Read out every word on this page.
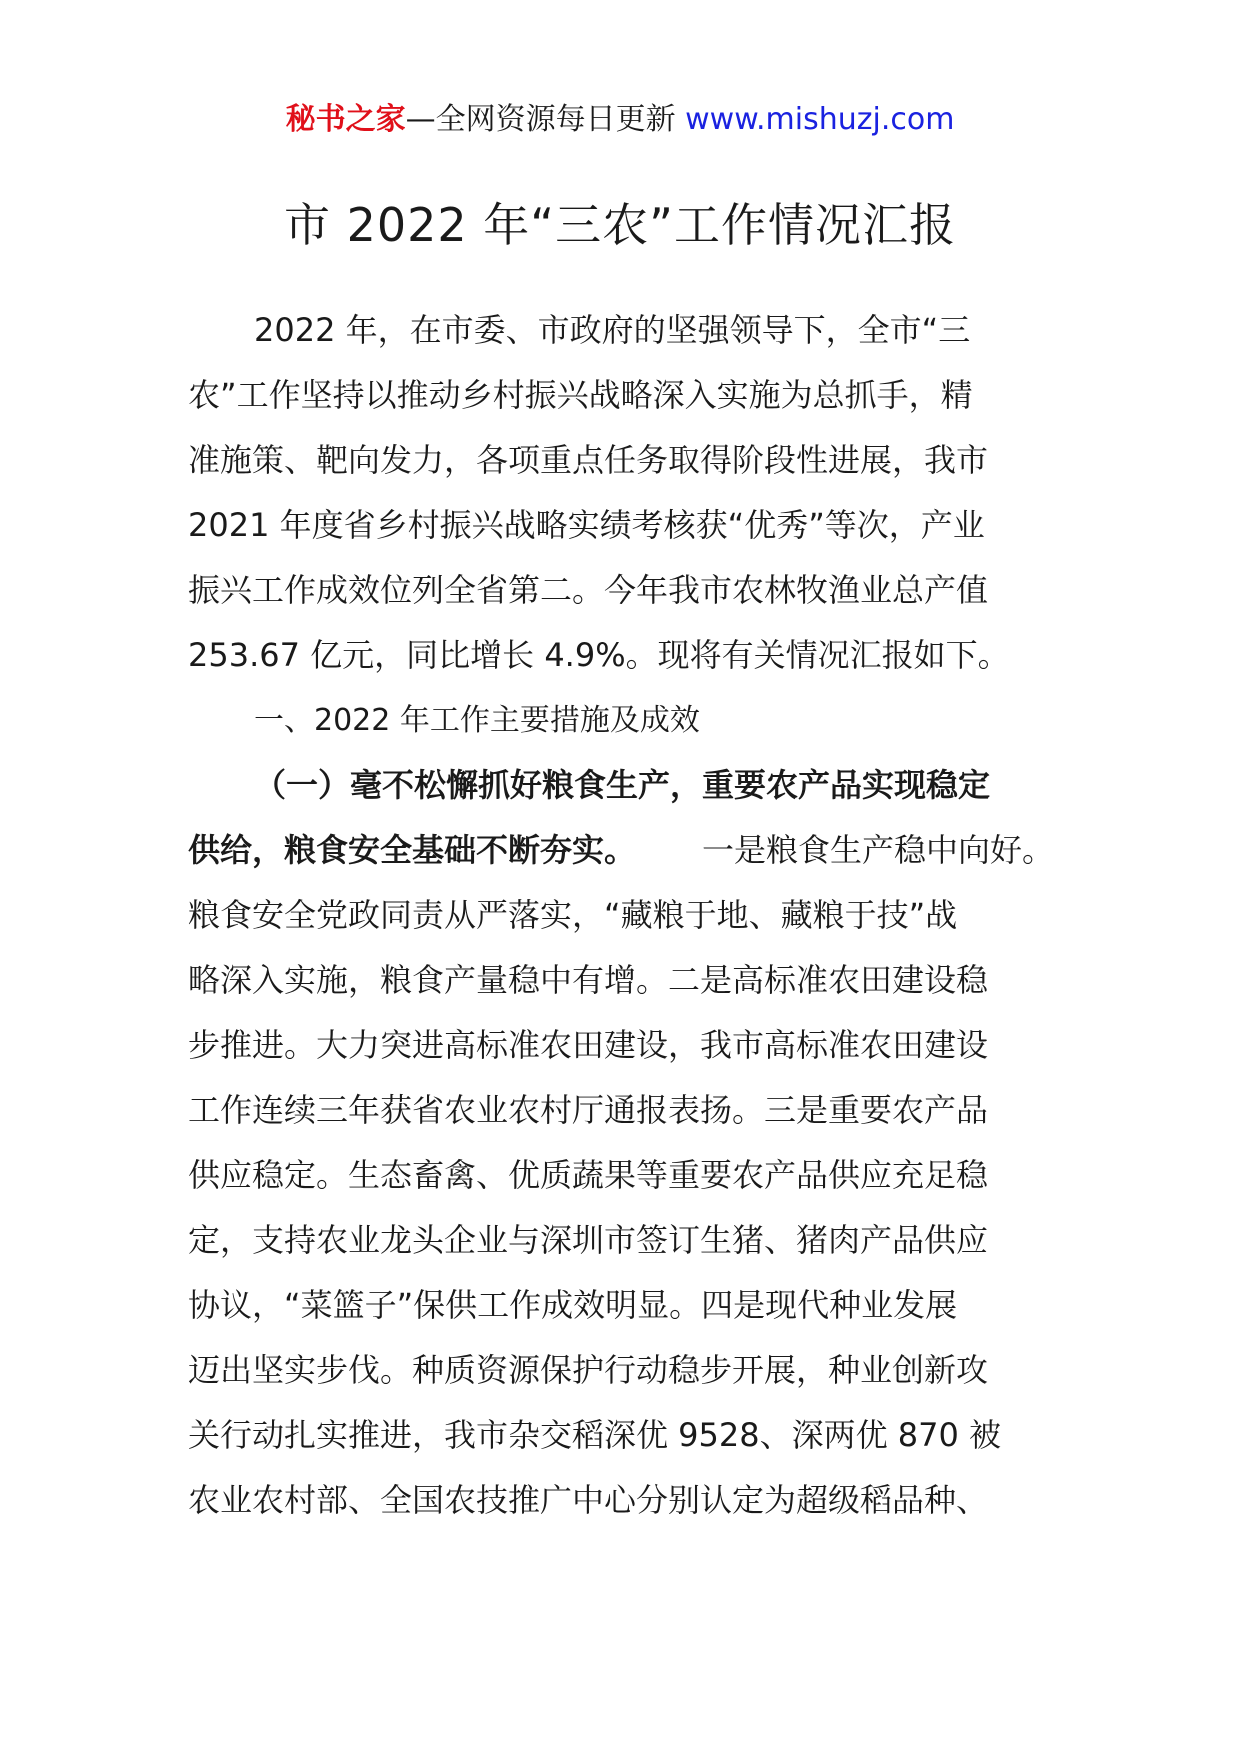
秘书之家—全网资源每日更新 www.mishuzj.com
市 2022 年“三农”工作情况汇报
2022 年，在市委、市政府的坚强领导下，全市“三
农”工作坚持以推动乡村振兴战略深入实施为总抓手，精
准施策、靶向发力，各项重点任务取得阶段性进展，我市
2021 年度省乡村振兴战略实绩考核获“优秀”等次，产业
振兴工作成效位列全省第二。今年我市农林牧渔业总产值
253.67 亿元，同比增长 4.9%。现将有关情况汇报如下。
一、2022 年工作主要措施及成效
（一）毫不松懈抓好粮食生产，重要农产品实现稳定
供给，粮食安全基础不断夯实。 一是粮食生产稳中向好。
粮食安全党政同责从严落实，“藏粮于地、藏粮于技”战
略深入实施，粮食产量稳中有增。二是高标准农田建设稳
步推进。大力突进高标准农田建设，我市高标准农田建设
工作连续三年获省农业农村厅通报表扬。三是重要农产品
供应稳定。生态畜禽、优质蔬果等重要农产品供应充足稳
定，支持农业龙头企业与深圳市签订生猪、猪肉产品供应
协议，“菜篮子”保供工作成效明显。四是现代种业发展
迈出坚实步伐。种质资源保护行动稳步开展，种业创新攻
关行动扎实推进，我市杂交稻深优 9528、深两优 870 被
农业农村部、全国农技推广中心分别认定为超级稻品种、
